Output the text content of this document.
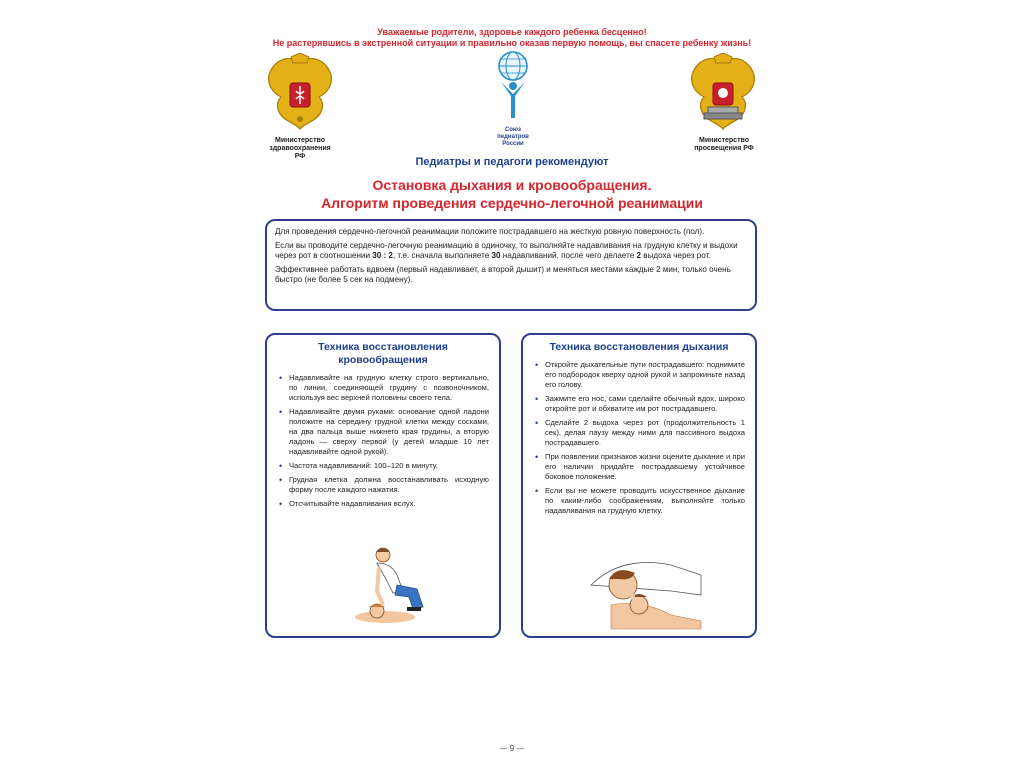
Уважаемые родители, здоровье каждого ребенка бесценно!
Не растерявшись в экстренной ситуации и правильно оказав первую помощь, вы спасете ребенку жизнь!
Министерство
здравоохранения РФ
Союз
педиатров
России	Министерство
просвещения РФ
Педиатры и педагоги рекомендуют
Остановка дыхания и кровообращения.
Алгоритм проведения сердечно-легочной реанимации

Для проведения сердечно-легочной реанимации положите пострадавшего на жесткую ровную поверхность (пол).

Если вы проводите сердечно-легочную реанимацию в одиночку, то выполняйте надавливания на грудную клетку и выдохи через рот в соотношении 30 : 2, т.е. сначала выполняете 30 надавливаний, после чего делаете 2 выдоха через рот.

Эффективнее работать вдвоем (первый надавливает, а второй дышит) и меняться местами каждые 2 мин, только очень быстро (не более 5 сек на подмену).

Техника восстановления
кровообращения
• Надавливайте на грудную клетку строго вертикально, по линии, соединяющей грудину с позвоночником, используя вес верхней половины своего тела.
• Надавливайте двумя руками: основание одной ладони положите на середину грудной клетки между сосками, на два пальца выше нижнего края грудины, а вторую ладонь — сверху первой (у детей младше 10 лет надавливайте одной рукой).
• Частота надавливаний: 100–120 в минуту.
• Грудная клетка должна восстанавливать исходную форму после каждого нажатия.
• Отсчитывайте надавливания вслух.
Техника восстановления дыхания
• Откройте дыхательные пути пострадавшего: поднимите его подбородок кверху одной рукой и запрокиньте назад его голову.
• Зажмите его нос, сами сделайте обычный вдох, широко откройте рот и обхватите им рот пострадавшего.
• Сделайте 2 выдоха через рот (продолжительность 1 сек), делая паузу между ними для пассивного выдоха пострадавшего.
• При появлении признаков жизни оцените дыхание и при его наличии придайте пострадавшему устойчивое боковое положение.
• Если вы не можете проводить искусственное дыхание по каким-либо соображениям, выполняйте только надавливания на грудную клетку.
— 9 —
